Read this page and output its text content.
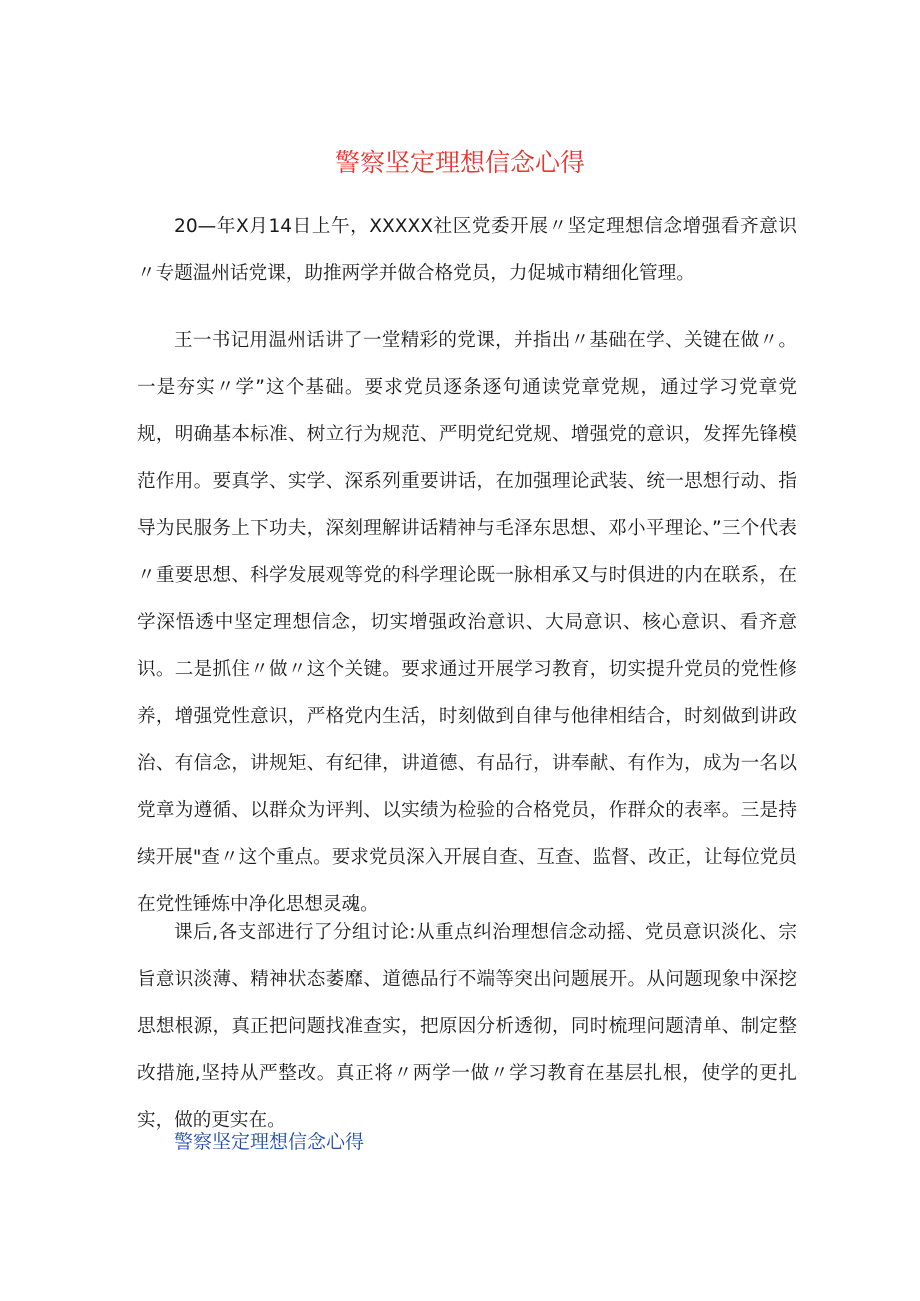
警察坚定理想信念心得

20—年X月14日上午，XXXXX社区党委开展〃坚定理想信念增强看齐意识〃专题温州话党课，助推两学并做合格党员，力促城市精细化管理。

王一书记用温州话讲了一堂精彩的党课，并指出〃基础在学、关键在做〃。一是夯实〃学”这个基础。要求党员逐条逐句通读党章党规，通过学习党章党规，明确基本标准、树立行为规范、严明党纪党规、增强党的意识，发挥先锋模范作用。要真学、实学、深系列重要讲话，在加强理论武装、统一思想行动、指导为民服务上下功夫，深刻理解讲话精神与毛泽东思想、邓小平理论、”三个代表〃重要思想、科学发展观等党的科学理论既一脉相承又与时俱进的内在联系，在学深悟透中坚定理想信念，切实增强政治意识、大局意识、核心意识、看齐意识。二是抓住〃做〃这个关键。要求通过开展学习教育，切实提升党员的党性修养，增强党性意识，严格党内生活，时刻做到自律与他律相结合，时刻做到讲政治、有信念，讲规矩、有纪律，讲道德、有品行，讲奉献、有作为，成为一名以党章为遵循、以群众为评判、以实绩为检验的合格党员，作群众的表率。三是持续开展"查〃这个重点。要求党员深入开展自查、互查、监督、改正，让每位党员在党性锤炼中净化思想灵魂。

课后,各支部进行了分组讨论:从重点纠治理想信念动摇、党员意识淡化、宗旨意识淡薄、精神状态萎靡、道德品行不端等突出问题展开。从问题现象中深挖思想根源，真正把问题找准查实，把原因分析透彻，同时梳理问题清单、制定整改措施,坚持从严整改。真正将〃两学一做〃学习教育在基层扎根，使学的更扎实，做的更实在。

警察坚定理想信念心得
